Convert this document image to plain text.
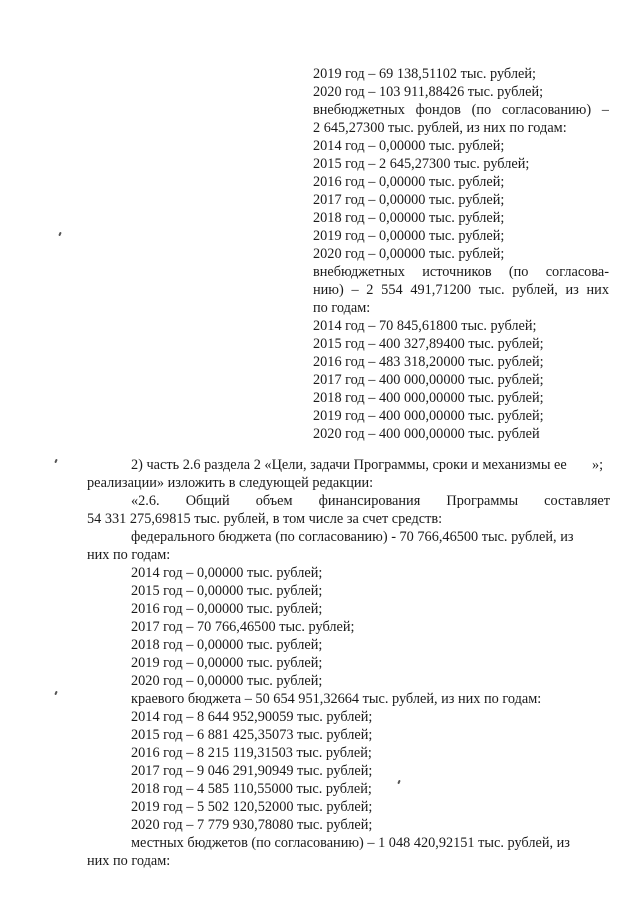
2019 год – 69 138,51102 тыс. рублей;
2020 год – 103 911,88426 тыс. рублей;
внебюджетных фондов (по согласованию) –
2 645,27300 тыс. рублей, из них по годам:
2014 год – 0,00000 тыс. рублей;
2015 год – 2 645,27300 тыс. рублей;
2016 год – 0,00000 тыс. рублей;
2017 год – 0,00000 тыс. рублей;
2018 год – 0,00000 тыс. рублей;
2019 год – 0,00000 тыс. рублей;
2020 год – 0,00000 тыс. рублей;
внебюджетных источников (по согласова-
нию) – 2 554 491,71200 тыс. рублей, из них
по годам:
2014 год – 70 845,61800 тыс. рублей;
2015 год – 400 327,89400 тыс. рублей;
2016 год – 483 318,20000 тыс. рублей;
2017 год – 400 000,00000 тыс. рублей;
2018 год – 400 000,00000 тыс. рублей;
2019 год – 400 000,00000 тыс. рублей;
2020 год – 400 000,00000 тыс. рублей
»;
2) часть 2.6 раздела 2 «Цели, задачи Программы, сроки и механизмы ее
реализации» изложить в следующей редакции:
«2.6. Общий объем финансирования Программы составляет
54 331 275,69815 тыс. рублей, в том числе за счет средств:
федерального бюджета (по согласованию) - 70 766,46500 тыс. рублей, из
них по годам:
2014 год – 0,00000 тыс. рублей;
2015 год – 0,00000 тыс. рублей;
2016 год – 0,00000 тыс. рублей;
2017 год – 70 766,46500 тыс. рублей;
2018 год – 0,00000 тыс. рублей;
2019 год – 0,00000 тыс. рублей;
2020 год – 0,00000 тыс. рублей;
краевого бюджета – 50 654 951,32664 тыс. рублей, из них по годам:
2014 год – 8 644 952,90059 тыс. рублей;
2015 год – 6 881 425,35073 тыс. рублей;
2016 год – 8 215 119,31503 тыс. рублей;
2017 год – 9 046 291,90949 тыс. рублей;
2018 год – 4 585 110,55000 тыс. рублей;
2019 год – 5 502 120,52000 тыс. рублей;
2020 год – 7 779 930,78080 тыс. рублей;
местных бюджетов (по согласованию) – 1 048 420,92151 тыс. рублей, из
них по годам:
